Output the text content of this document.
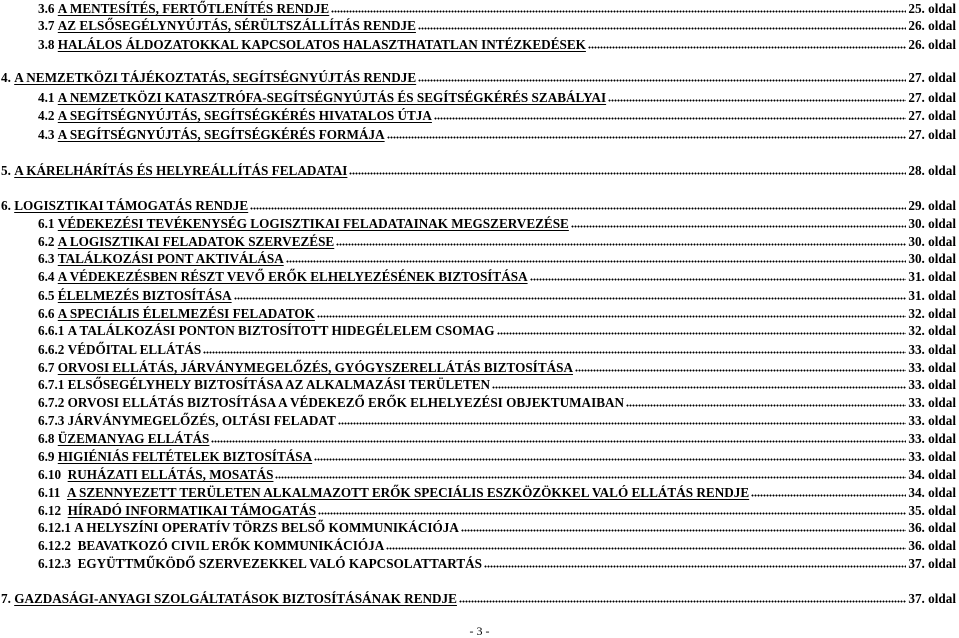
3.6 A MENTESÍTÉS, FERTŐTLENÍTÉS RENDJE	25. oldal
3.7 AZ ELSŐSEGÉLYNYÚJTÁS, SÉRÜLTSZÁLLÍTÁS RENDJE	26. oldal
3.8 HALÁLOS ÁLDOZATOKKAL KAPCSOLATOS HALASZTHATATLAN INTÉZKEDÉSEK	26. oldal
4. A NEMZETKÖZI TÁJÉKOZTATÁS, SEGÍTSÉGNYÚJTÁS RENDJE	27. oldal
4.1 A NEMZETKÖZI KATASZTRÓFA-SEGÍTSÉGNYÚJTÁS ÉS SEGÍTSÉGKÉRÉS SZABÁLYAI	27. oldal
4.2 A SEGÍTSÉGNYÚJTÁS, SEGÍTSÉGKÉRÉS HIVATALOS ÚTJA	27. oldal
4.3 A SEGÍTSÉGNYÚJTÁS, SEGÍTSÉGKÉRÉS FORMÁJA	27. oldal
5. A KÁRELHÁRÍTÁS ÉS HELYREÁLLÍTÁS FELADATAI	28. oldal
6. LOGISZTIKAI TÁMOGATÁS RENDJE	29. oldal
6.1 VÉDEKEZÉSI TEVÉKENYSÉG LOGISZTIKAI FELADATAINAK MEGSZERVEZÉSE	30. oldal
6.2 A LOGISZTIKAI FELADATOK SZERVEZÉSE	30. oldal
6.3 TALÁLKOZÁSI PONT AKTIVÁLÁSA	30. oldal
6.4 A VÉDEKEZÉSBEN RÉSZT VEVŐ ERŐK ELHELYEZÉSÉNEK BIZTOSÍTÁSA	31. oldal
6.5 ÉLELMEZÉS BIZTOSÍTÁSA	31. oldal
6.6 A SPECIÁLIS ÉLELMEZÉSI FELADATOK	32. oldal
6.6.1 A TALÁLKOZÁSI PONTON BIZTOSÍTOTT HIDEGÉLELEM CSOMAG	32. oldal
6.6.2 VÉDŐITAL ELLÁTÁS	33. oldal
6.7 ORVOSI ELLÁTÁS, JÁRVÁNYMEGELŐZÉS, GYÓGYSZERELLÁTÁS BIZTOSÍTÁSA	33. oldal
6.7.1 ELSŐSEGÉLYHELY BIZTOSÍTÁSA AZ ALKALMAZÁSI TERÜLETEN	33. oldal
6.7.2 ORVOSI ELLÁTÁS BIZTOSÍTÁSA A VÉDEKEZŐ ERŐK ELHELYEZÉSI OBJEKTUMAIBAN	33. oldal
6.7.3 JÁRVÁNYMEGELŐZÉS, OLTÁSI FELADAT	33. oldal
6.8 ÜZEMANYAG ELLÁTÁS	33. oldal
6.9 HIGIÉNIÁS FELTÉTELEK BIZTOSÍTÁSA	33. oldal
6.10 RUHÁZATI ELLÁTÁS, MOSATÁS	34. oldal
6.11 A SZENNYEZETT TERÜLETEN ALKALMAZOTT ERŐK SPECIÁLIS ESZKÖZÖKKEL VALÓ ELLÁTÁS RENDJE	34. oldal
6.12 HÍRADÓ INFORMATIKAI TÁMOGATÁS	35. oldal
6.12.1 A HELYSZÍNI OPERATÍV TÖRZS BELSŐ KOMMUNIKÁCIÓJA	36. oldal
6.12.2 BEAVATKOZÓ CIVIL ERŐK KOMMUNIKÁCIÓJA	36. oldal
6.12.3 EGYÜTTMŰKÖDŐ SZERVEZEKKEL VALÓ KAPCSOLATTARTÁS	37. oldal
7. GAZDASÁGI-ANYAGI SZOLGÁLTATÁSOK BIZTOSÍTÁSÁNAK RENDJE	37. oldal
- 3 -
